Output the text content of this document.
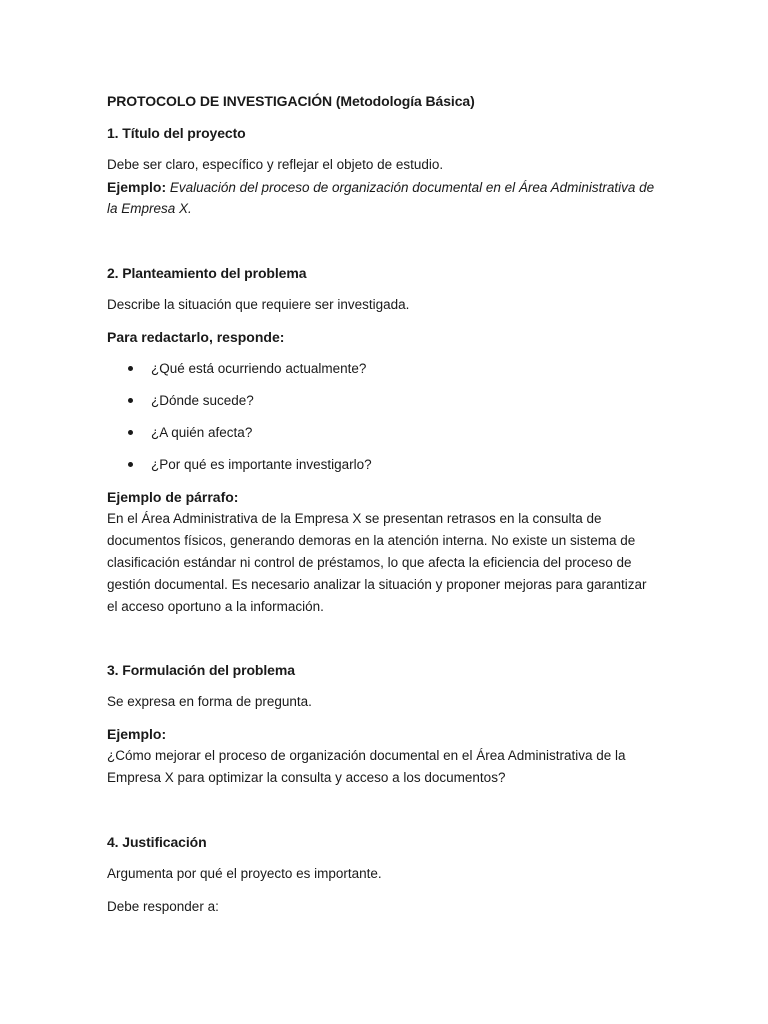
PROTOCOLO DE INVESTIGACIÓN (Metodología Básica)
1. Título del proyecto
Debe ser claro, específico y reflejar el objeto de estudio.
Ejemplo: Evaluación del proceso de organización documental en el Área Administrativa de
la Empresa X.
2. Planteamiento del problema
Describe la situación que requiere ser investigada.
Para redactarlo, responde:
¿Qué está ocurriendo actualmente?
¿Dónde sucede?
¿A quién afecta?
¿Por qué es importante investigarlo?
Ejemplo de párrafo:
En el Área Administrativa de la Empresa X se presentan retrasos en la consulta de
documentos físicos, generando demoras en la atención interna. No existe un sistema de
clasificación estándar ni control de préstamos, lo que afecta la eficiencia del proceso de
gestión documental. Es necesario analizar la situación y proponer mejoras para garantizar
el acceso oportuno a la información.
3. Formulación del problema
Se expresa en forma de pregunta.
Ejemplo:
¿Cómo mejorar el proceso de organización documental en el Área Administrativa de la
Empresa X para optimizar la consulta y acceso a los documentos?
4. Justificación
Argumenta por qué el proyecto es importante.
Debe responder a:
